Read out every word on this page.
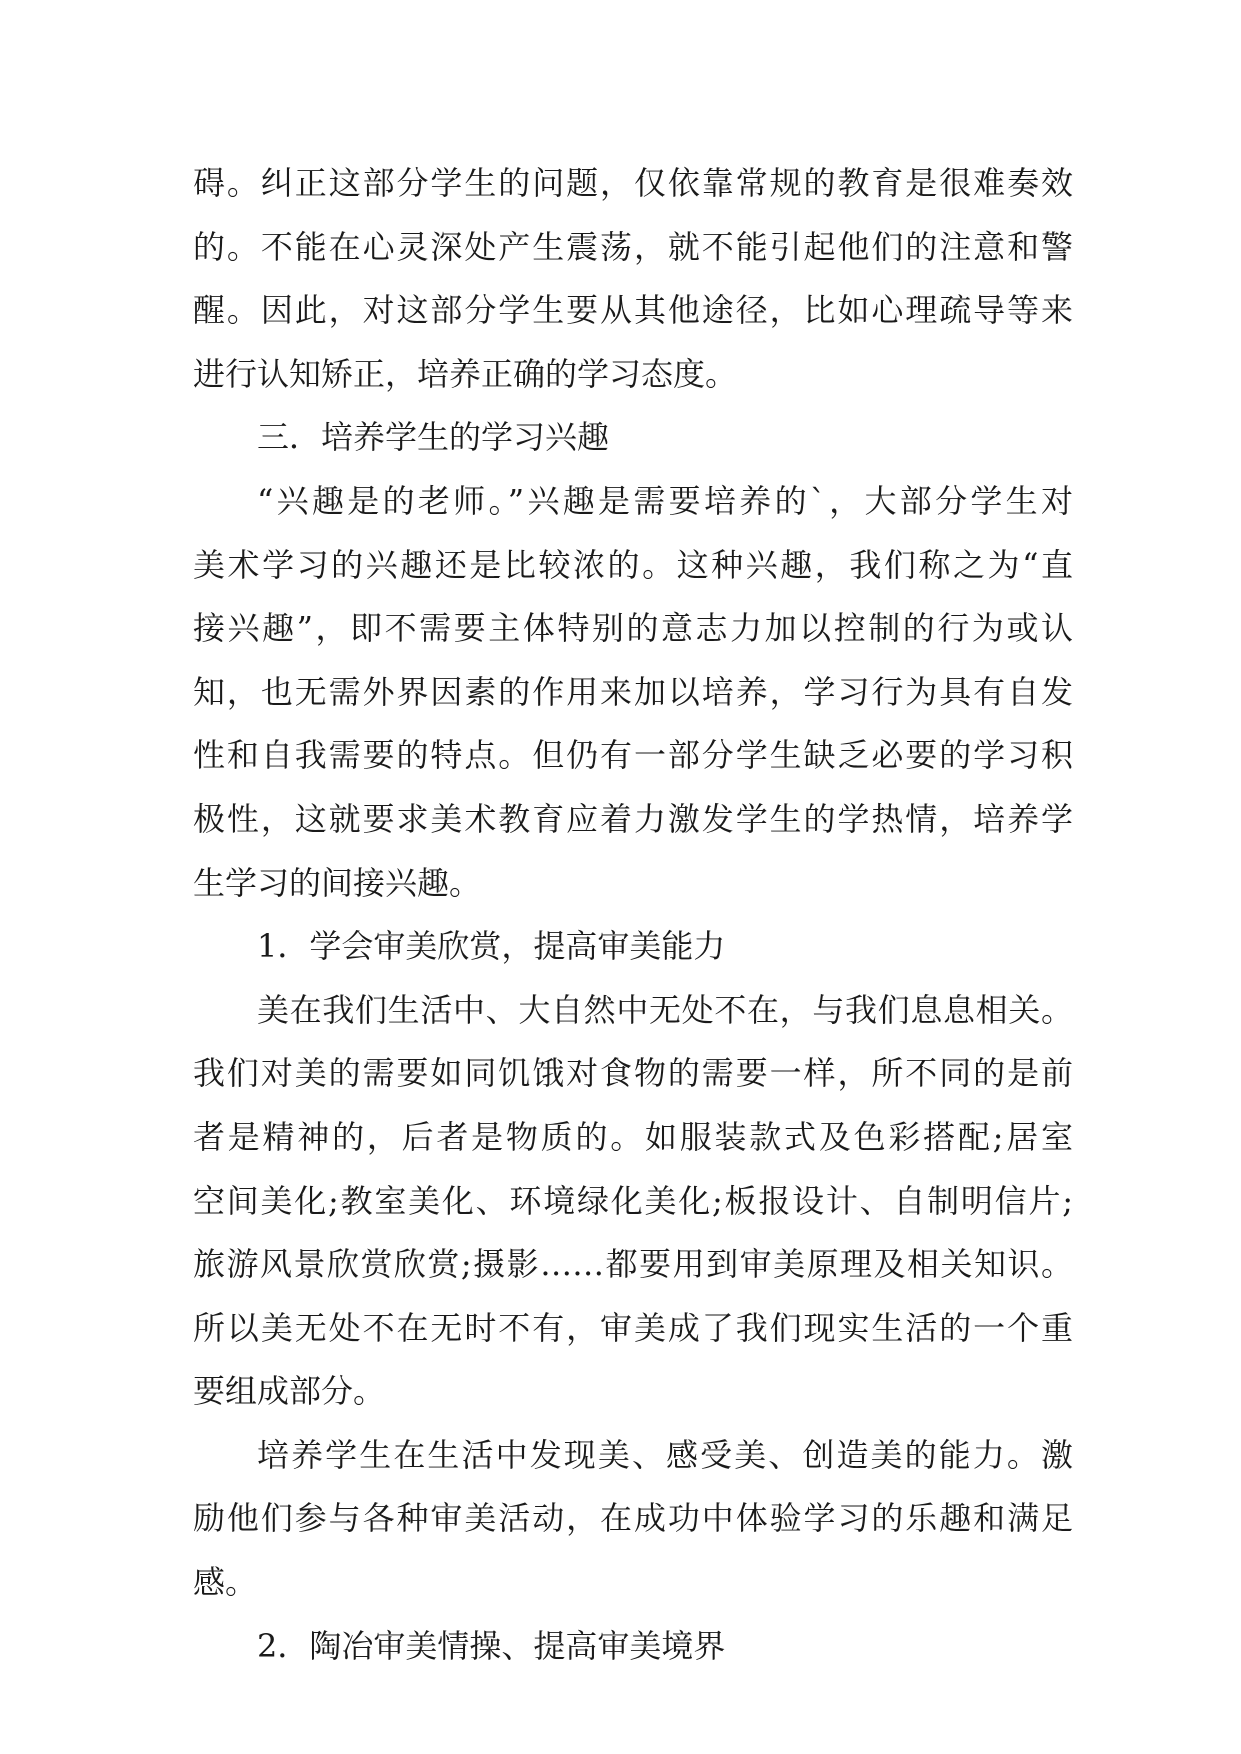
碍。纠正这部分学生的问题，仅依靠常规的教育是很难奏效
的。不能在心灵深处产生震荡，就不能引起他们的注意和警
醒。因此，对这部分学生要从其他途径，比如心理疏导等来
进行认知矫正，培养正确的学习态度。
三．培养学生的学习兴趣
“兴趣是的老师。”兴趣是需要培养的`，大部分学生对
美术学习的兴趣还是比较浓的。这种兴趣，我们称之为“直
接兴趣”，即不需要主体特别的意志力加以控制的行为或认
知，也无需外界因素的作用来加以培养，学习行为具有自发
性和自我需要的特点。但仍有一部分学生缺乏必要的学习积
极性，这就要求美术教育应着力激发学生的学热情，培养学
生学习的间接兴趣。
1．学会审美欣赏，提高审美能力
美在我们生活中、大自然中无处不在，与我们息息相关。
我们对美的需要如同饥饿对食物的需要一样，所不同的是前
者是精神的，后者是物质的。如服装款式及色彩搭配;居室
空间美化;教室美化、环境绿化美化;板报设计、自制明信片;
旅游风景欣赏欣赏;摄影……都要用到审美原理及相关知识。
所以美无处不在无时不有，审美成了我们现实生活的一个重
要组成部分。
培养学生在生活中发现美、感受美、创造美的能力。激
励他们参与各种审美活动，在成功中体验学习的乐趣和满足
感。
2．陶冶审美情操、提高审美境界
